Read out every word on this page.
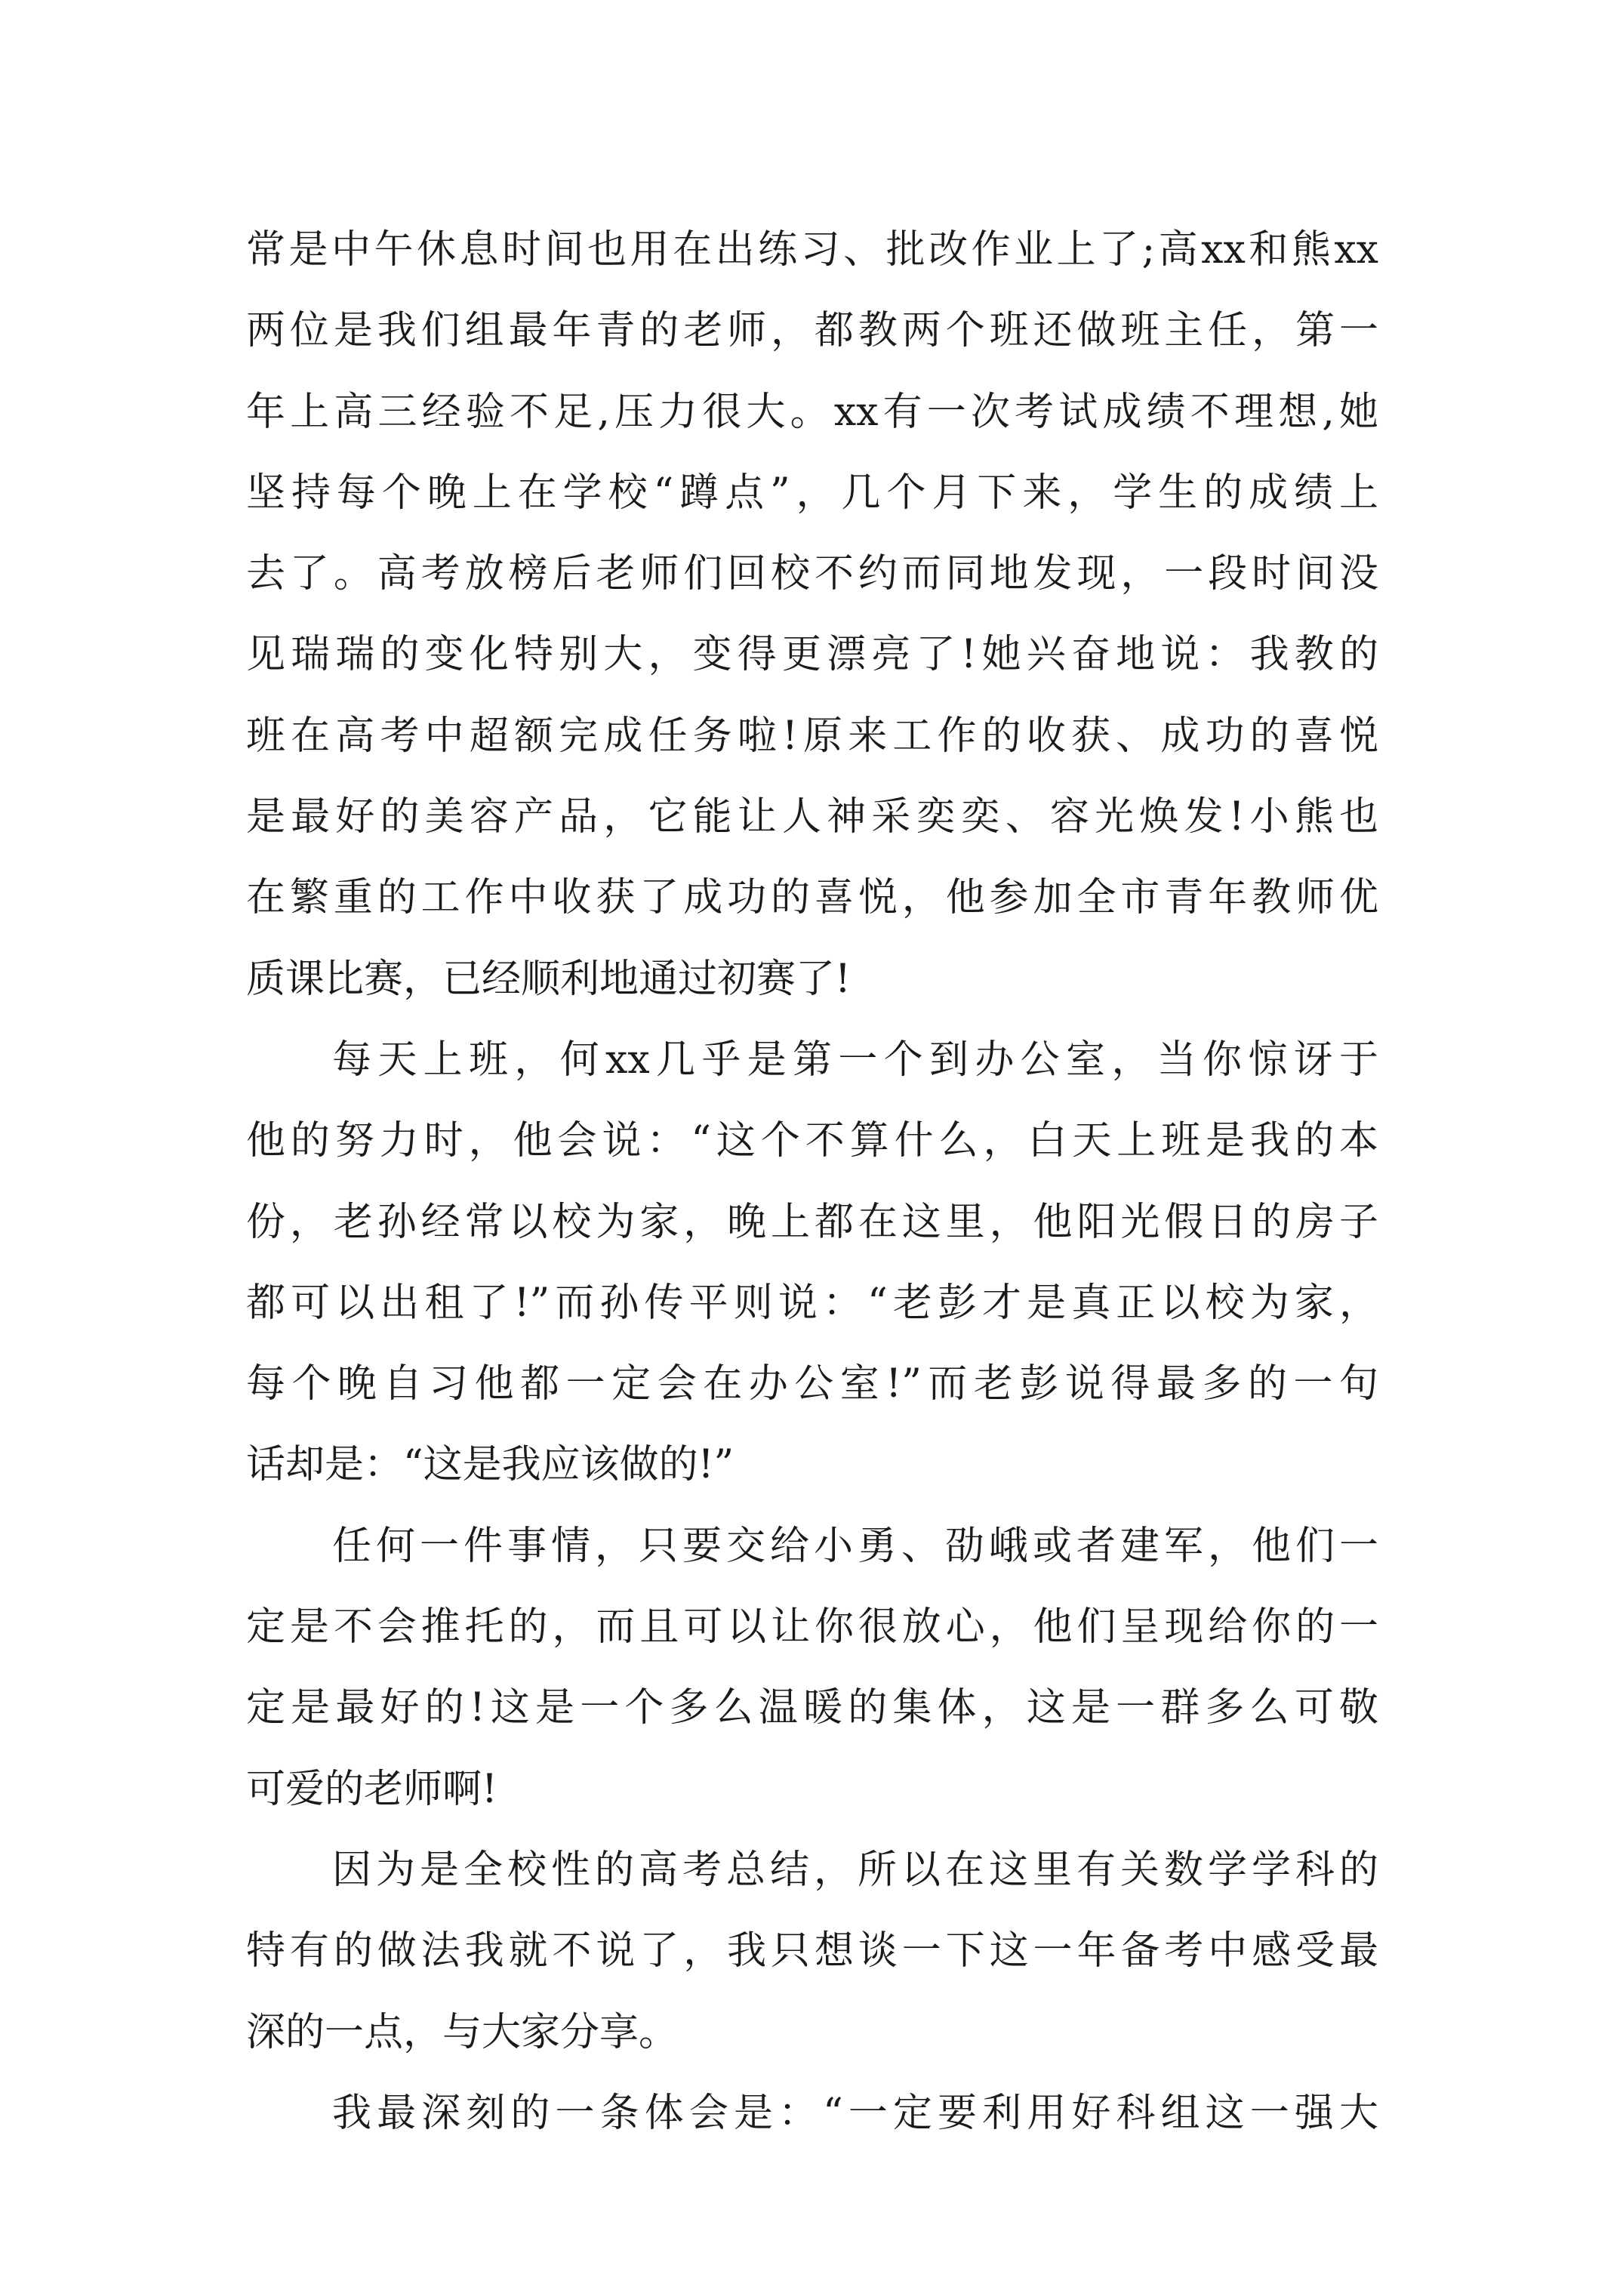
常是中午休息时间也用在出练习、批改作业上了;高xx和熊xx
两位是我们组最年青的老师，都教两个班还做班主任，第一
年上高三经验不足,压力很大。xx有一次考试成绩不理想,她
坚持每个晚上在学校“蹲点”，几个月下来，学生的成绩上
去了。高考放榜后老师们回校不约而同地发现，一段时间没
见瑞瑞的变化特别大，变得更漂亮了!她兴奋地说：我教的
班在高考中超额完成任务啦!原来工作的收获、成功的喜悦
是最好的美容产品，它能让人神采奕奕、容光焕发!小熊也
在繁重的工作中收获了成功的喜悦，他参加全市青年教师优
质课比赛，已经顺利地通过初赛了!
每天上班，何xx几乎是第一个到办公室，当你惊讶于
他的努力时，他会说：“这个不算什么，白天上班是我的本
份，老孙经常以校为家，晚上都在这里，他阳光假日的房子
都可以出租了!”而孙传平则说：“老彭才是真正以校为家，
每个晚自习他都一定会在办公室!”而老彭说得最多的一句
话却是：“这是我应该做的!”
任何一件事情，只要交给小勇、劭峨或者建军，他们一
定是不会推托的，而且可以让你很放心，他们呈现给你的一
定是最好的!这是一个多么温暖的集体，这是一群多么可敬
可爱的老师啊!
因为是全校性的高考总结，所以在这里有关数学学科的
特有的做法我就不说了，我只想谈一下这一年备考中感受最
深的一点，与大家分享。
我最深刻的一条体会是：“一定要利用好科组这一强大
